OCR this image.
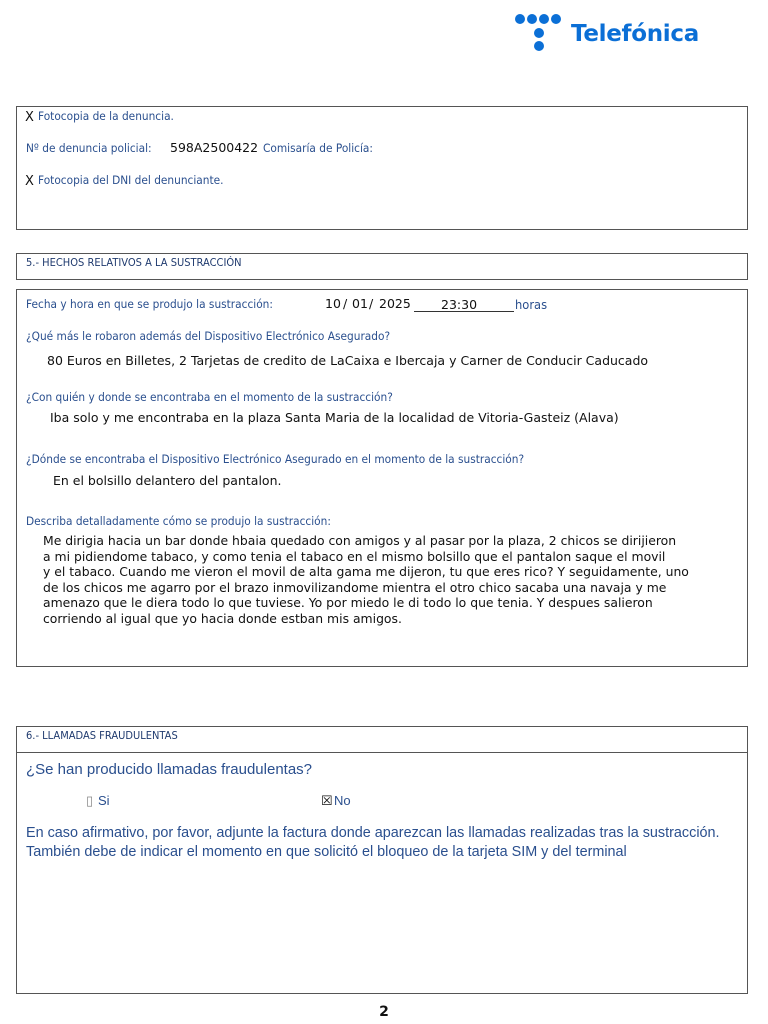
Telefónica
X Fotocopia de la denuncia.
Nº de denuncia policial: 598A2500422 Comisaría de Policía:
X Fotocopia del DNI del denunciante.
5.- HECHOS RELATIVOS A LA SUSTRACCIÓN
Fecha y hora en que se produjo la sustracción:	10 / 01 / 2025 23:30	horas
¿Qué más le robaron además del Dispositivo Electrónico Asegurado?
80 Euros en Billetes, 2 Tarjetas de credito de LaCaixa e Ibercaja y Carner de Conducir Caducado
¿Con quién y donde se encontraba en el momento de la sustracción?
Iba solo y me encontraba en la plaza Santa Maria de la localidad de Vitoria-Gasteiz (Alava)
¿Dónde se encontraba el Dispositivo Electrónico Asegurado en el momento de la sustracción?
En el bolsillo delantero del pantalon.
Describa detalladamente cómo se produjo la sustracción:

Me dirigia hacia un bar donde hbaia quedado con amigos y al pasar por la plaza, 2 chicos se dirijieron
a mi pidiendome tabaco, y como tenia el tabaco en el mismo bolsillo que el pantalon saque el movil
y el tabaco. Cuando me vieron el movil de alta gama me dijeron, tu que eres rico? Y seguidamente, uno
de los chicos me agarro por el brazo inmovilizandome mientra el otro chico sacaba una navaja y me
amenazo que le diera todo lo que tuviese. Yo por miedo le di todo lo que tenia. Y despues salieron
corriendo al igual que yo hacia donde estban mis amigos.

6.- LLAMADAS FRAUDULENTAS
¿Se han producido llamadas fraudulentas?
▯ Si	☒ No

En caso afirmativo, por favor, adjunte la factura donde aparezcan las llamadas realizadas tras la sustracción. También debe de indicar el momento en que solicitó el bloqueo de la tarjeta SIM y del terminal

2
